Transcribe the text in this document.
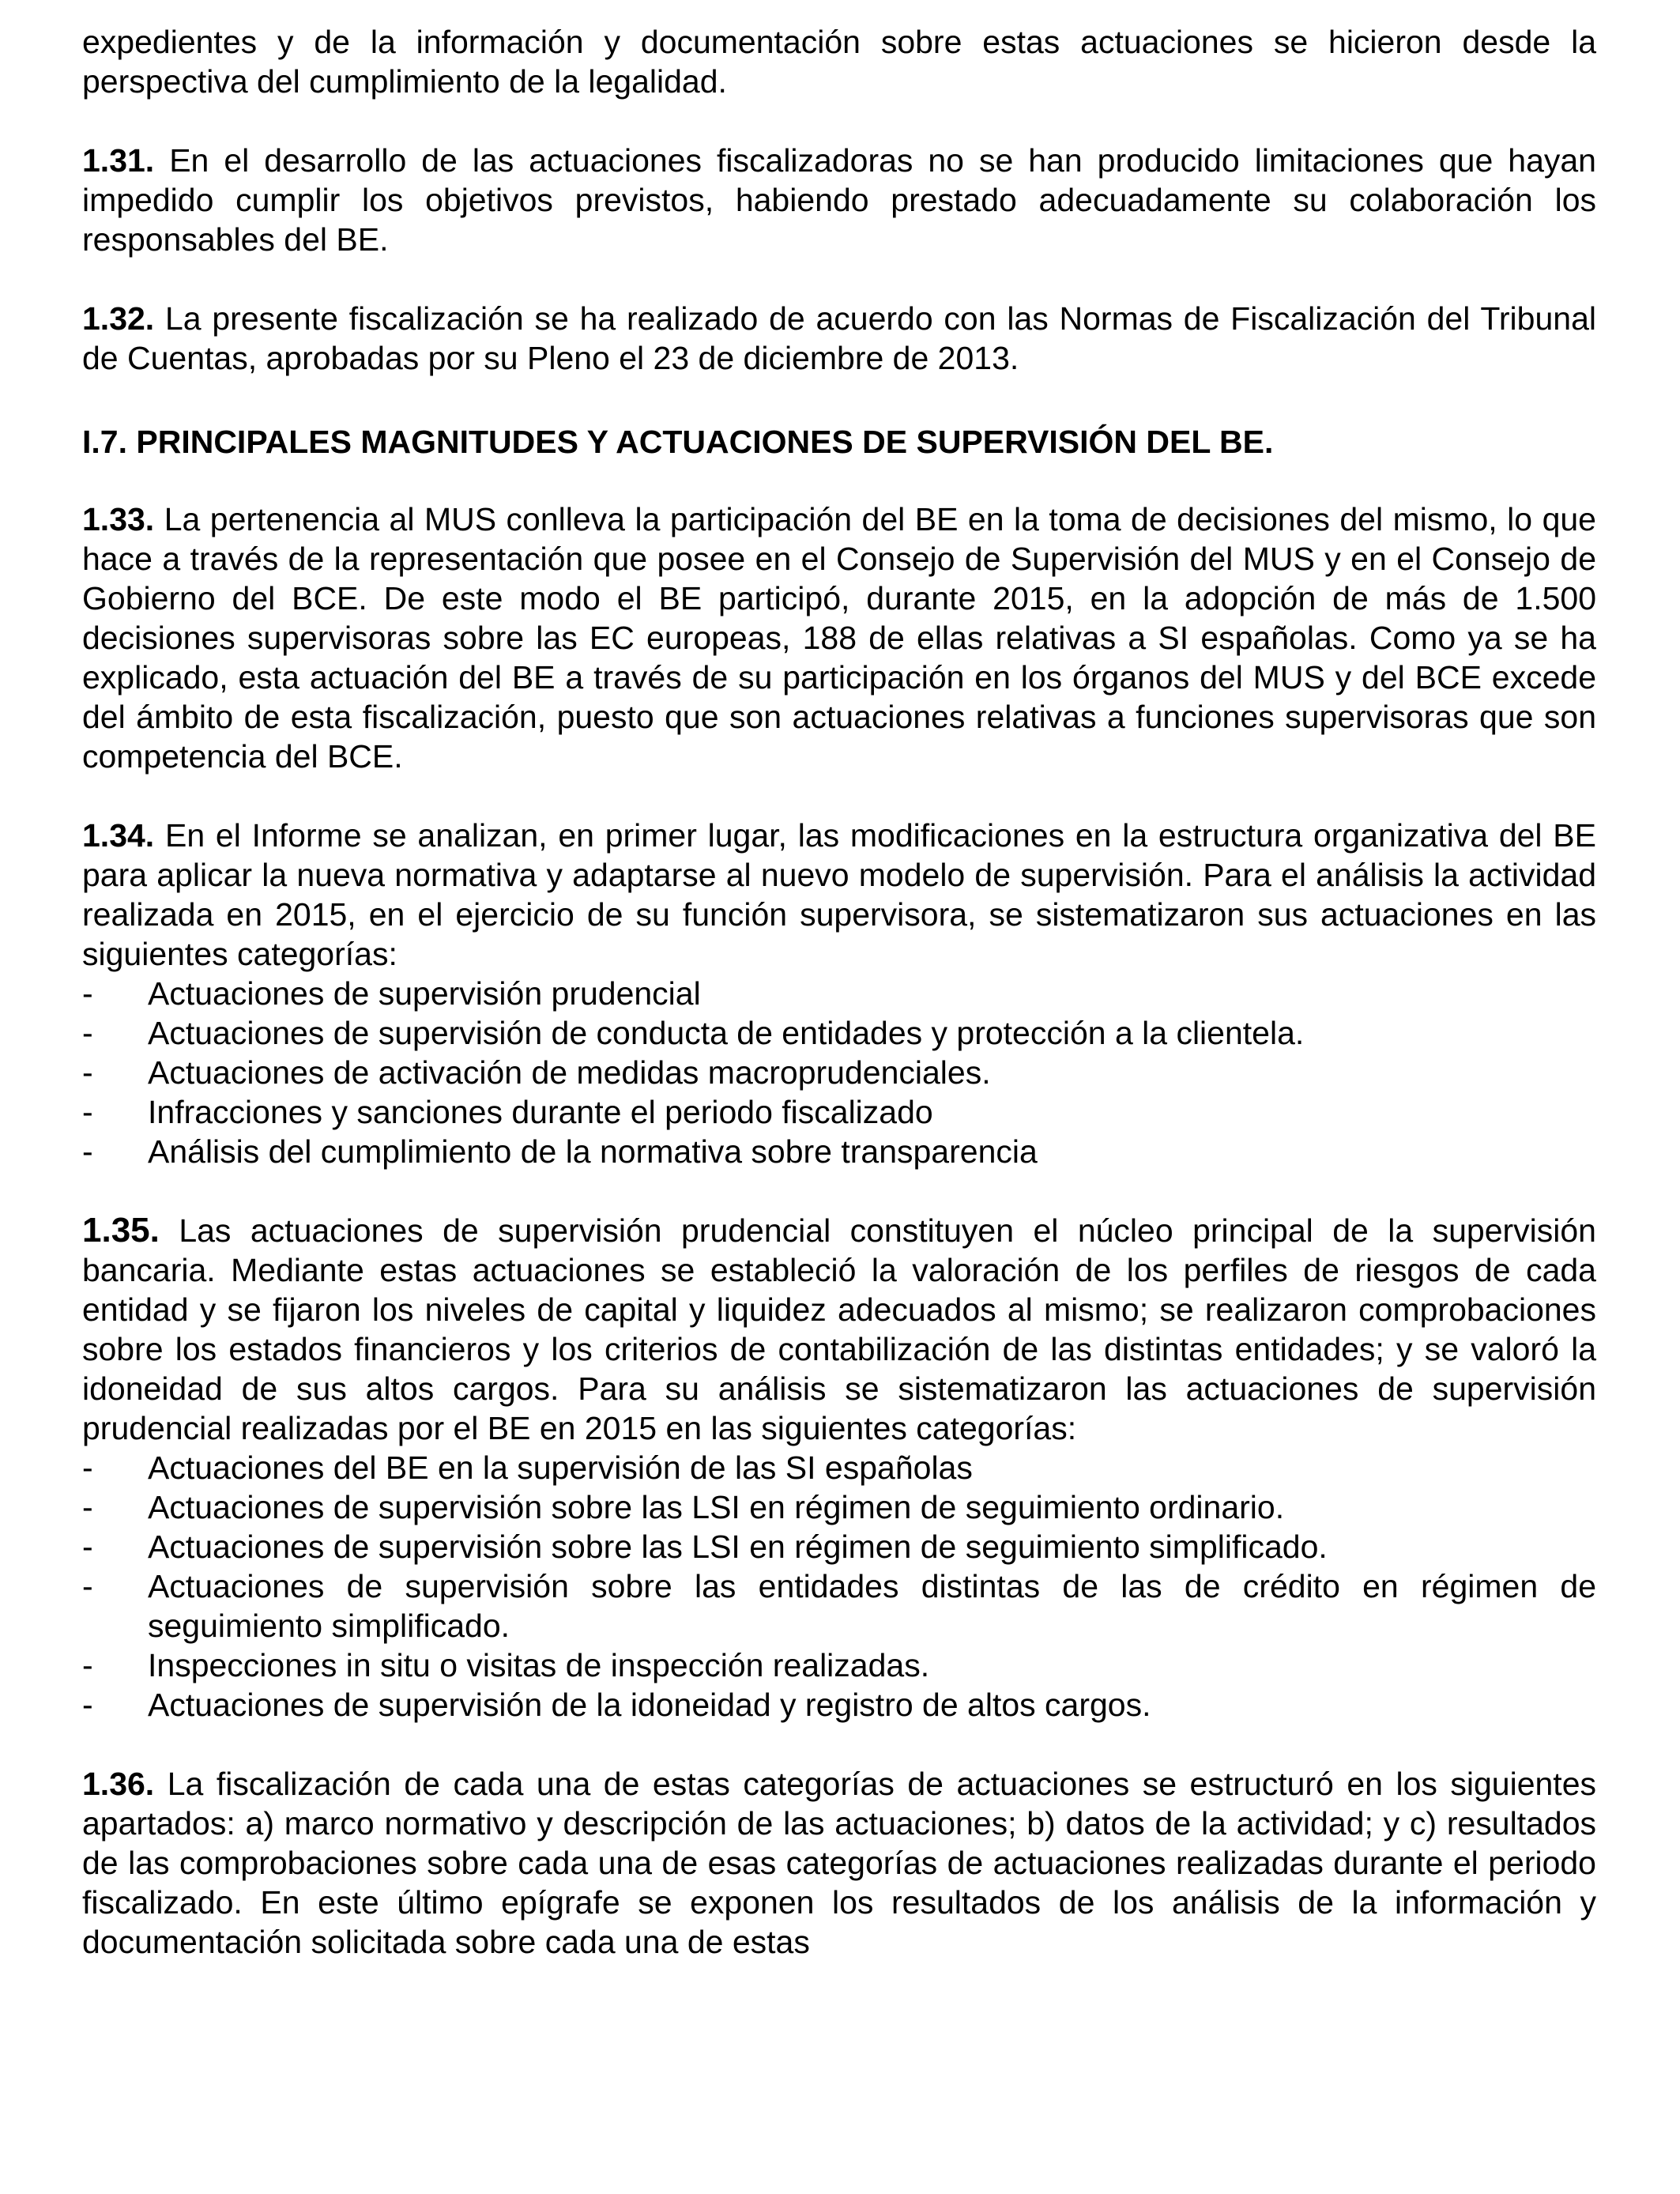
expedientes y de la información y documentación sobre estas actuaciones se hicieron desde la perspectiva del cumplimiento de la legalidad.

1.31. En el desarrollo de las actuaciones fiscalizadoras no se han producido limitaciones que hayan impedido cumplir los objetivos previstos, habiendo prestado adecuadamente su colaboración los responsables del BE.

1.32. La presente fiscalización se ha realizado de acuerdo con las Normas de Fiscalización del Tribunal de Cuentas, aprobadas por su Pleno el 23 de diciembre de 2013.

I.7. PRINCIPALES MAGNITUDES Y ACTUACIONES DE SUPERVISIÓN DEL BE.

1.33. La pertenencia al MUS conlleva la participación del BE en la toma de decisiones del mismo, lo que hace a través de la representación que posee en el Consejo de Supervisión del MUS y en el Consejo de Gobierno del BCE. De este modo el BE participó, durante 2015, en la adopción de más de 1.500 decisiones supervisoras sobre las EC europeas, 188 de ellas relativas a SI españolas. Como ya se ha explicado, esta actuación del BE a través de su participación en los órganos del MUS y del BCE excede del ámbito de esta fiscalización, puesto que son actuaciones relativas a funciones supervisoras que son competencia del BCE.

1.34. En el Informe se analizan, en primer lugar, las modificaciones en la estructura organizativa del BE para aplicar la nueva normativa y adaptarse al nuevo modelo de supervisión. Para el análisis la actividad realizada en 2015, en el ejercicio de su función supervisora, se sistematizaron sus actuaciones en las siguientes categorías:

- Actuaciones de supervisión prudencial
- Actuaciones de supervisión de conducta de entidades y protección a la clientela.
- Actuaciones de activación de medidas macroprudenciales.
- Infracciones y sanciones durante el periodo fiscalizado
- Análisis del cumplimiento de la normativa sobre transparencia

1.35. Las actuaciones de supervisión prudencial constituyen el núcleo principal de la supervisión bancaria. Mediante estas actuaciones se estableció la valoración de los perfiles de riesgos de cada entidad y se fijaron los niveles de capital y liquidez adecuados al mismo; se realizaron comprobaciones sobre los estados financieros y los criterios de contabilización de las distintas entidades; y se valoró la idoneidad de sus altos cargos. Para su análisis se sistematizaron las actuaciones de supervisión prudencial realizadas por el BE en 2015 en las siguientes categorías:

- Actuaciones del BE en la supervisión de las SI españolas
- Actuaciones de supervisión sobre las LSI en régimen de seguimiento ordinario.
- Actuaciones de supervisión sobre las LSI en régimen de seguimiento simplificado.
- Actuaciones de supervisión sobre las entidades distintas de las de crédito en régimen de seguimiento simplificado.
- Inspecciones in situ o visitas de inspección realizadas.
- Actuaciones de supervisión de la idoneidad y registro de altos cargos.

1.36. La fiscalización de cada una de estas categorías de actuaciones se estructuró en los siguientes apartados: a) marco normativo y descripción de las actuaciones; b) datos de la actividad; y c) resultados de las comprobaciones sobre cada una de esas categorías de actuaciones realizadas durante el periodo fiscalizado. En este último epígrafe se exponen los resultados de los análisis de la información y documentación solicitada sobre cada una de estas
